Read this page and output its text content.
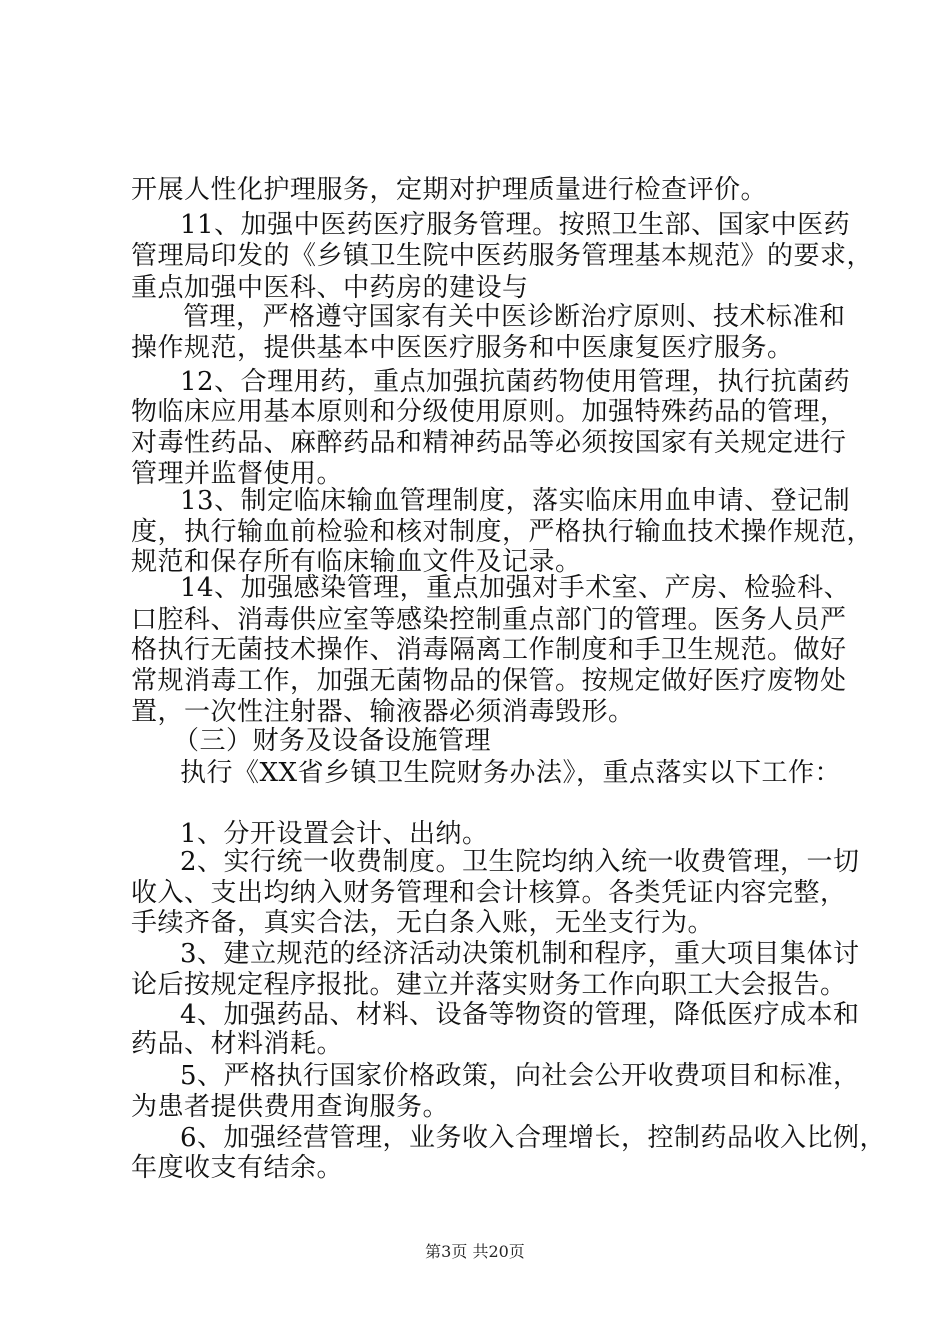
开展人性化护理服务，定期对护理质量进行检查评价。
11、加强中医药医疗服务管理。按照卫生部、国家中医药
管理局印发的《乡镇卫生院中医药服务管理基本规范》的要求，
重点加强中医科、中药房的建设与
管理，严格遵守国家有关中医诊断治疗原则、技术标准和
操作规范，提供基本中医医疗服务和中医康复医疗服务。
12、合理用药，重点加强抗菌药物使用管理，执行抗菌药
物临床应用基本原则和分级使用原则。加强特殊药品的管理，
对毒性药品、麻醉药品和精神药品等必须按国家有关规定进行
管理并监督使用。
13、制定临床输血管理制度，落实临床用血申请、登记制
度，执行输血前检验和核对制度，严格执行输血技术操作规范，
规范和保存所有临床输血文件及记录。
14、加强感染管理，重点加强对手术室、产房、检验科、
口腔科、消毒供应室等感染控制重点部门的管理。医务人员严
格执行无菌技术操作、消毒隔离工作制度和手卫生规范。做好
常规消毒工作，加强无菌物品的保管。按规定做好医疗废物处
置，一次性注射器、输液器必须消毒毁形。
（三）财务及设备设施管理
执行《XX省乡镇卫生院财务办法》，重点落实以下工作：
1、分开设置会计、出纳。
2、实行统一收费制度。卫生院均纳入统一收费管理，一切
收入、支出均纳入财务管理和会计核算。各类凭证内容完整，
手续齐备，真实合法，无白条入账，无坐支行为。
3、建立规范的经济活动决策机制和程序，重大项目集体讨
论后按规定程序报批。建立并落实财务工作向职工大会报告。
4、加强药品、材料、设备等物资的管理，降低医疗成本和
药品、材料消耗。
5、严格执行国家价格政策，向社会公开收费项目和标准，
为患者提供费用查询服务。
6、加强经营管理，业务收入合理增长，控制药品收入比例，
年度收支有结余。
第3页 共20页
